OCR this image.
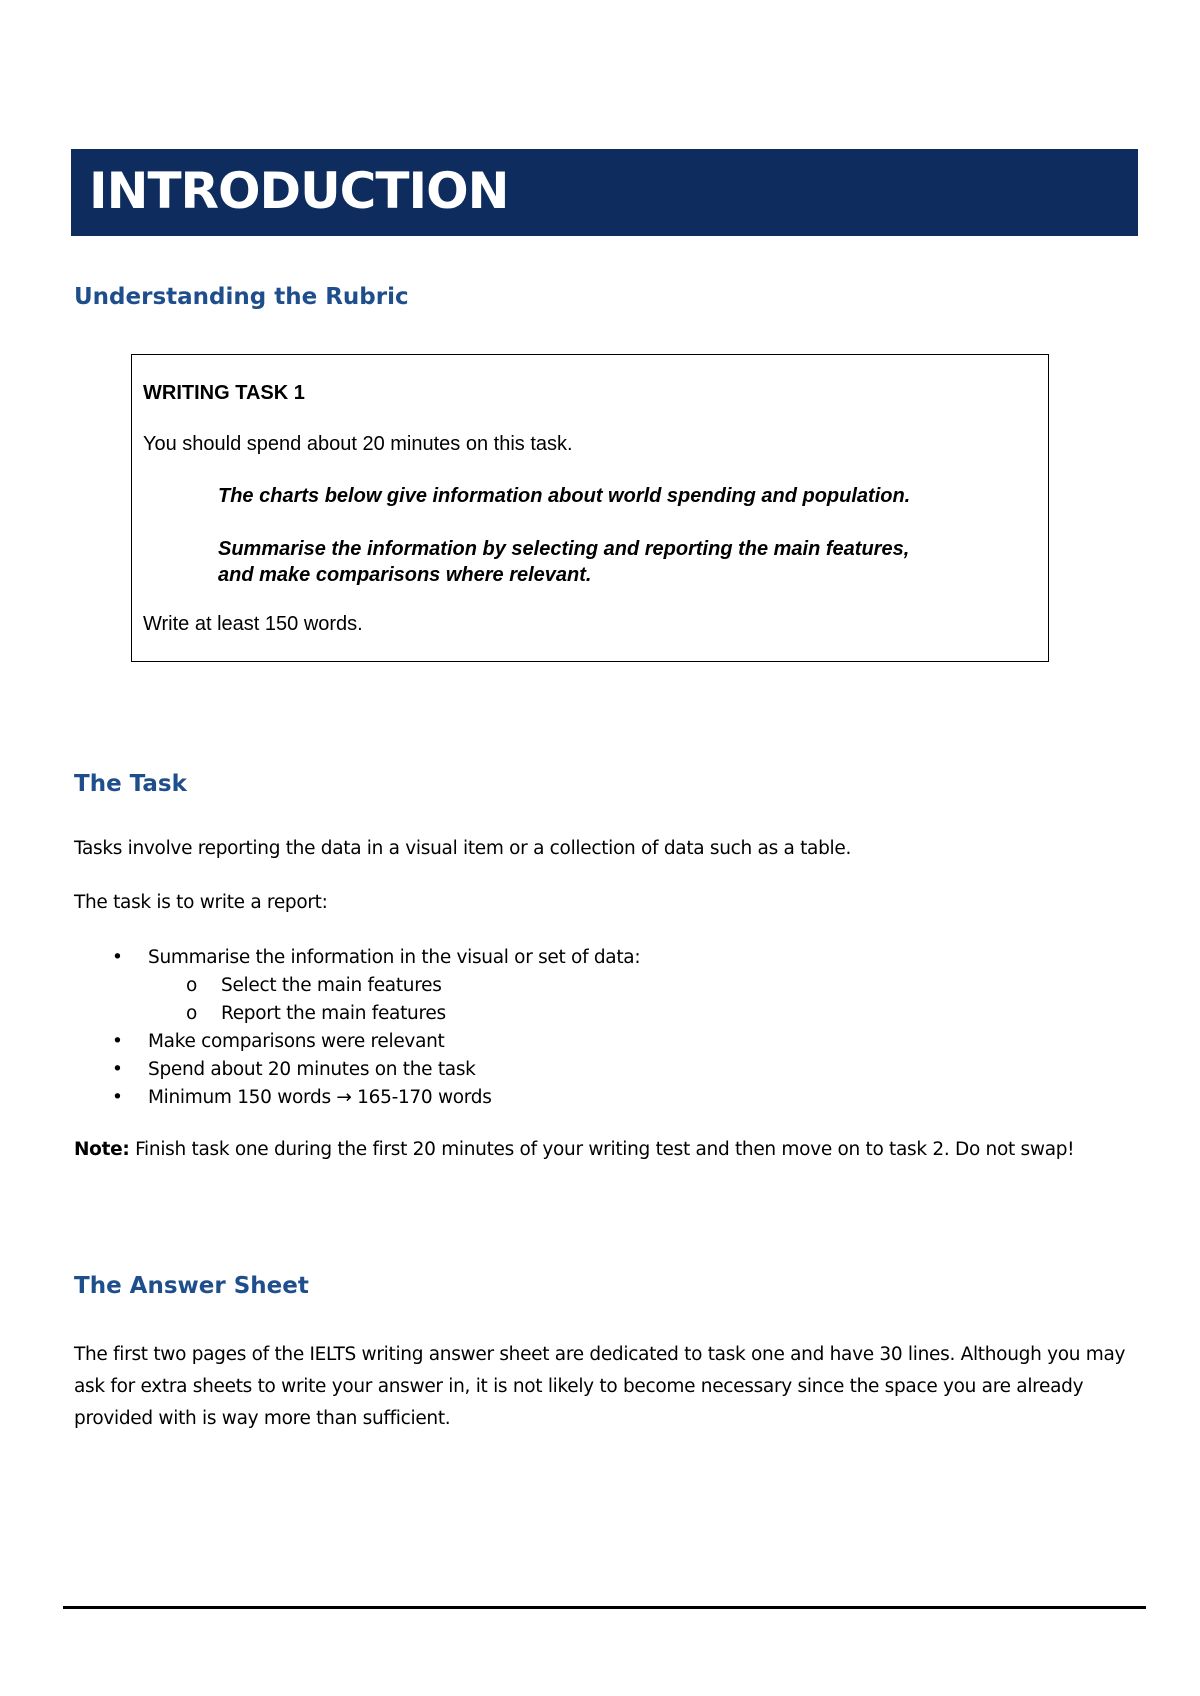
INTRODUCTION
Understanding the Rubric
WRITING TASK 1
You should spend about 20 minutes on this task.
The charts below give information about world spending and population.
Summarise the information by selecting and reporting the main features,
and make comparisons where relevant.
Write at least 150 words.
The Task

Tasks involve reporting the data in a visual item or a collection of data such as a table.

The task is to write a report:

• Summarise the information in the visual or set of data:
o Select the main features
o Report the main features
• Make comparisons were relevant
• Spend about 20 minutes on the task
• Minimum 150 words → 165-170 words
Note: Finish task one during the first 20 minutes of your writing test and then move on to task 2. Do not swap!
The Answer Sheet

The first two pages of the IELTS writing answer sheet are dedicated to task one and have 30 lines. Although you may ask for extra sheets to write your answer in, it is not likely to become necessary since the space you are already provided with is way more than sufficient.
